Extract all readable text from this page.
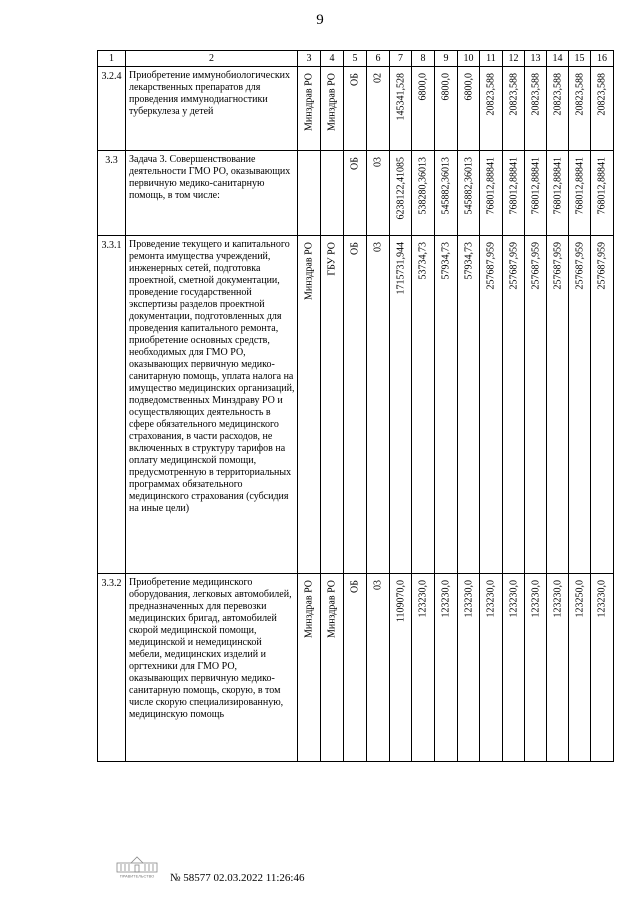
9
1	2	3	4	5	6	7	8	9	10	11	12	13	14	15	16
3.2.4	Приобретение иммунобиологических лекарственных препаратов для проведения иммунодиагностики туберкулеза у детей	Минздрав РО	Минздрав РО	ОБ	02	145341,528	6800,0	6800,0	6800,0	20823,588	20823,588	20823,588	20823,588	20823,588	20823,588

3.3	Задача 3. Совершенствование деятельности ГМО РО, оказывающих первичную медико-санитарную помощь, в том числе:			ОБ	03	6238122,41085	538280,36013	545882,36013	545882,36013	768012,88841	768012,88841	768012,88841	768012,88841	768012,88841	768012,88841

3.3.1	Проведение текущего и капитального ремонта имущества учреждений, инженерных сетей, подготовка проектной, сметной документации, проведение государственной экспертизы разделов проектной документации, подготовленных для проведения капитального ремонта, приобретение основных средств, необходимых для ГМО РО, оказывающих первичную медико-санитарную помощь, уплата налога на имущество медицинских организаций, подведомственных Минздраву РО и осуществляющих деятельность в сфере обязательного медицинского страхования, в части расходов, не включенных в структуру тарифов на оплату медицинской помощи, предусмотренную в территориальных программах обязательного медицинского страхования (субсидия на иные цели)	Минздрав РО	ГБУ РО	ОБ	03	1715731,944	53734,73	57934,73	57934,73	257687,959	257687,959	257687,959	257687,959	257687,959	257687,959

3.3.2	Приобретение медицинского оборудования, легковых автомобилей, предназначенных для перевозки медицинских бригад, автомобилей скорой медицинской помощи, медицинской и немедицинской мебели, медицинских изделий и оргтехники для ГМО РО, оказывающих первичную медико-санитарную помощь, скорую, в том числе скорую специализированную, медицинскую помощь	Минздрав РО	Минздрав РО	ОБ	03	1109070,0	123230,0	123230,0	123230,0	123230,0	123230,0	123230,0	123230,0	123250,0	123230,0
ПРАВИТЕЛЬСТВО № 58577 02.03.2022 11:26:46
